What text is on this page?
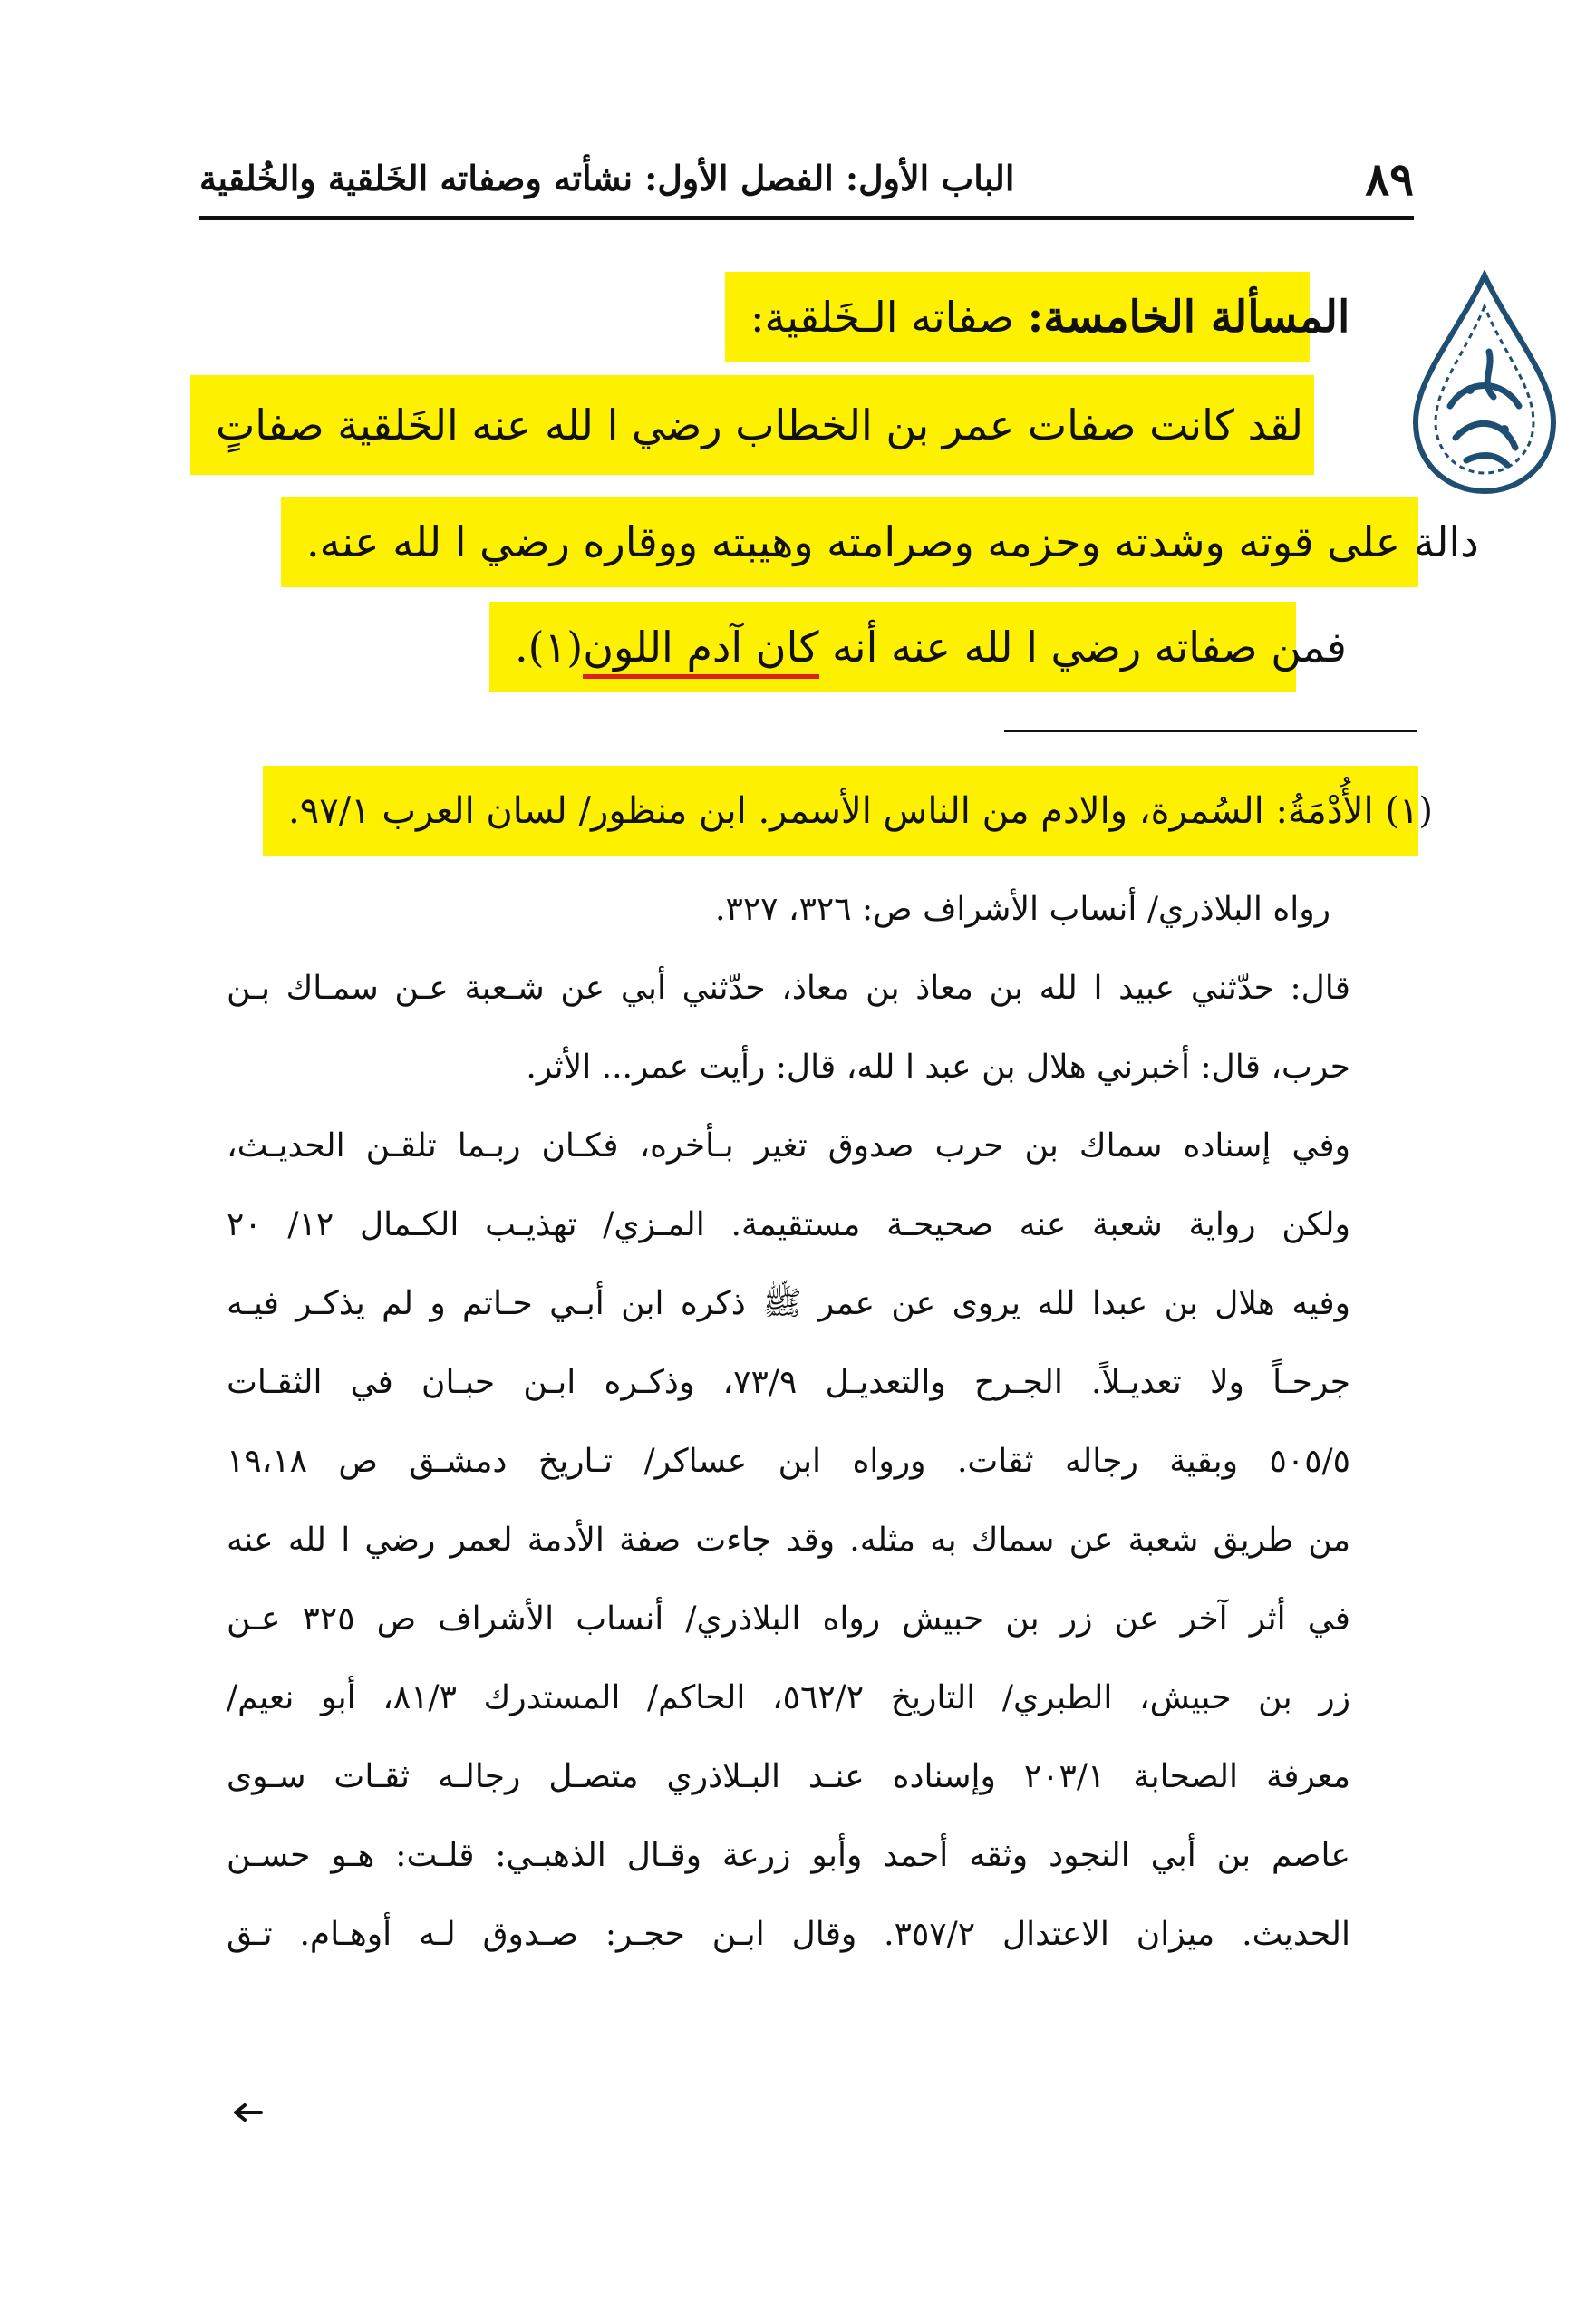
٨٩
الباب الأول: الفصل الأول: نشأته وصفاته الخَلقية والخُلقية
المسألة الخامسة: صفاته الـخَلقية:
لقد كانت صفات عمر بن الخطاب رضي ا لله عنه الخَلقية صفاتٍ
دالة على قوته وشدته وحزمه وصرامته وهيبته ووقاره رضي ا لله عنه.
فمن صفاته رضي ا لله عنه أنه كان آدم اللون(١).
(١) الأُدْمَةُ: السُمرة، والادم من الناس الأسمر. ابن منظور/ لسان العرب ٩٧/١.
رواه البلاذري/ أنساب الأشراف ص: ٣٢٦، ٣٢٧.
قال: حدّثني عبيد ا لله بن معاذ بن معاذ، حدّثني أبي عن شـعبة عـن سمـاك بـن
حرب، قال: أخبرني هلال بن عبد ا لله، قال: رأيت عمر... الأثر.
وفي إسناده سماك بن حرب صدوق تغير بـأخره، فكـان ربـما تلقـن الحديـث،
ولكن رواية شعبة عنه صحيحـة مستقيمة. المـزي/ تهذيـب الكـمال ١٢/ ٢٠
وفيه هلال بن عبدا لله يروى عن عمر ﷺ ذكره ابن أبـي حـاتم و لم يذكـر فيـه
جرحـاً ولا تعديـلاً. الجـرح والتعديـل ٧٣/٩، وذكـره ابـن حبـان في الثقـات
٥٠٥/٥ وبقية رجاله ثقات. ورواه ابن عساكر/ تـاريخ دمشـق ص ١٩،١٨
من طريق شعبة عن سماك به مثله. وقد جاءت صفة الأدمة لعمر رضي ا لله عنه
في أثر آخر عن زر بن حبيش رواه البلاذري/ أنساب الأشراف ص ٣٢٥ عـن
زر بن حبيش، الطبري/ التاريخ ٥٦٢/٢، الحاكم/ المستدرك ٨١/٣، أبو نعيم/
معرفة الصحابة ٢٠٣/١ وإسناده عنـد البـلاذري متصـل رجالـه ثقـات سـوى
عاصم بن أبي النجود وثقه أحمد وأبو زرعة وقـال الذهبـي: قلـت: هـو حسـن
الحديث. ميزان الاعتدال ٣٥٧/٢. وقال ابـن حجـر: صـدوق لـه أوهـام. تـق
